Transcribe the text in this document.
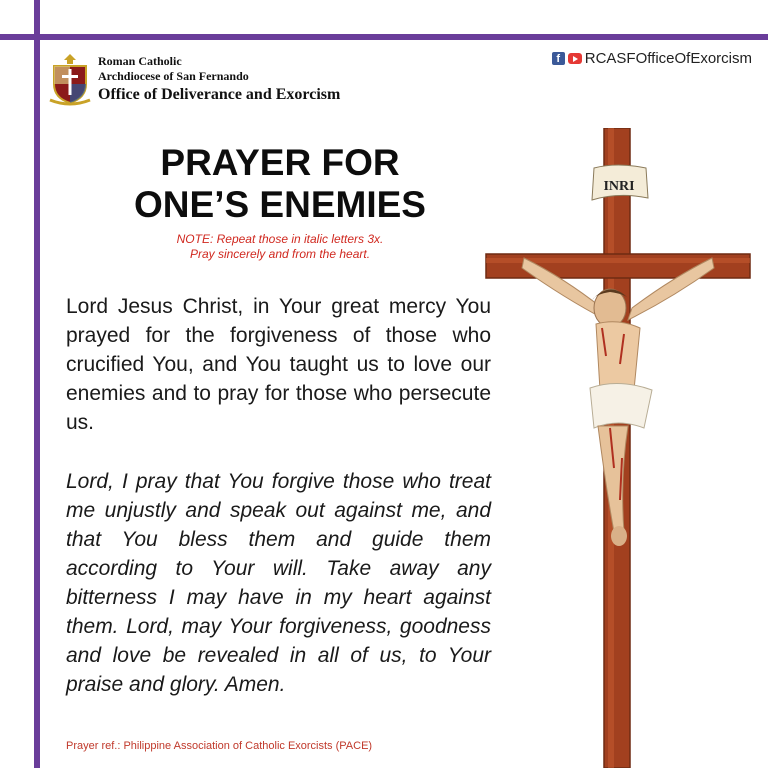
Roman Catholic
Archdiocese of San Fernando
Office of Deliverance and Exorcism
f	RCASFOfficeOfExorcism
PRAYER FOR
ONE’S ENEMIES
NOTE: Repeat those in italic letters 3x.
Pray sincerely and from the heart.

Lord Jesus Christ, in Your great mercy You prayed for the forgiveness of those who crucified You, and You taught us to love our enemies and to pray for those who persecute us.

Lord, I pray that You forgive those who treat me unjustly and speak out against me, and that You bless them and guide them according to Your will. Take away any bitterness I may have in my heart against them. Lord, may Your forgiveness, goodness and love be revealed in all of us, to Your praise and glory. Amen.

INRI
Prayer ref.: Philippine Association of Catholic Exorcists (PACE)
